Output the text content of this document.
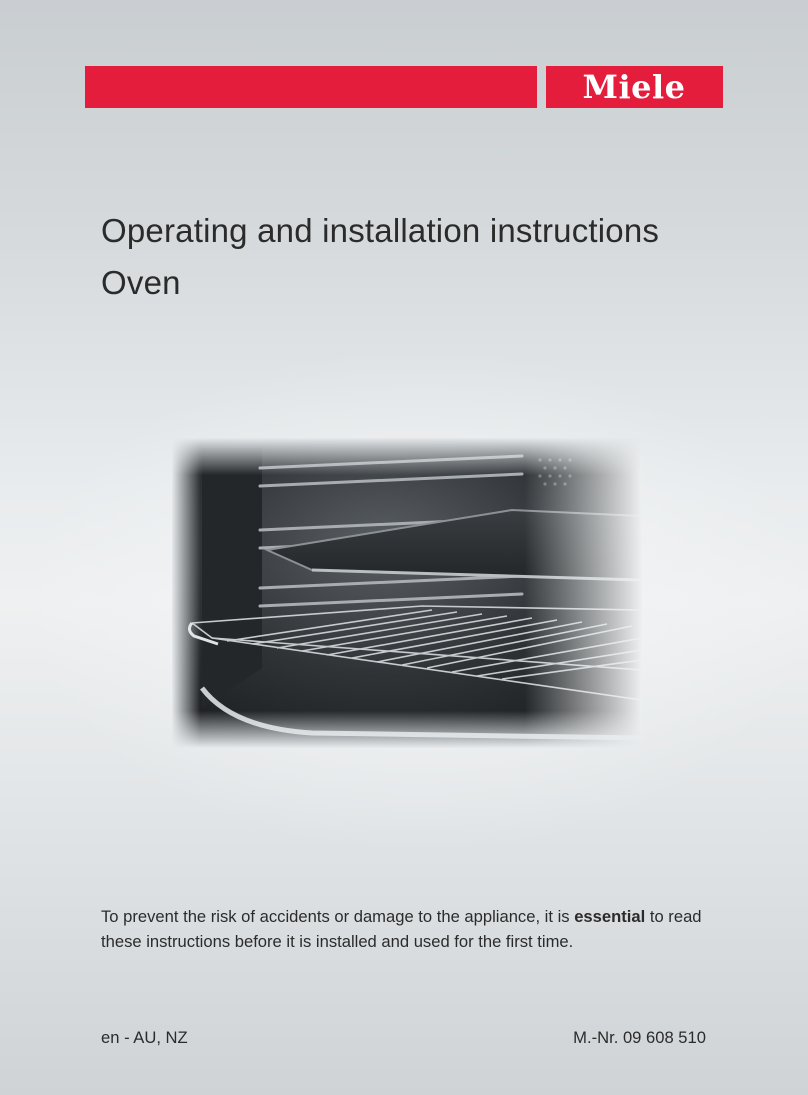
Miele
Operating and installation instructions
Oven

To prevent the risk of accidents or damage to the appliance, it is essential to read these instructions before it is installed and used for the first time.

en - AU, NZ	M.-Nr. 09 608 510
